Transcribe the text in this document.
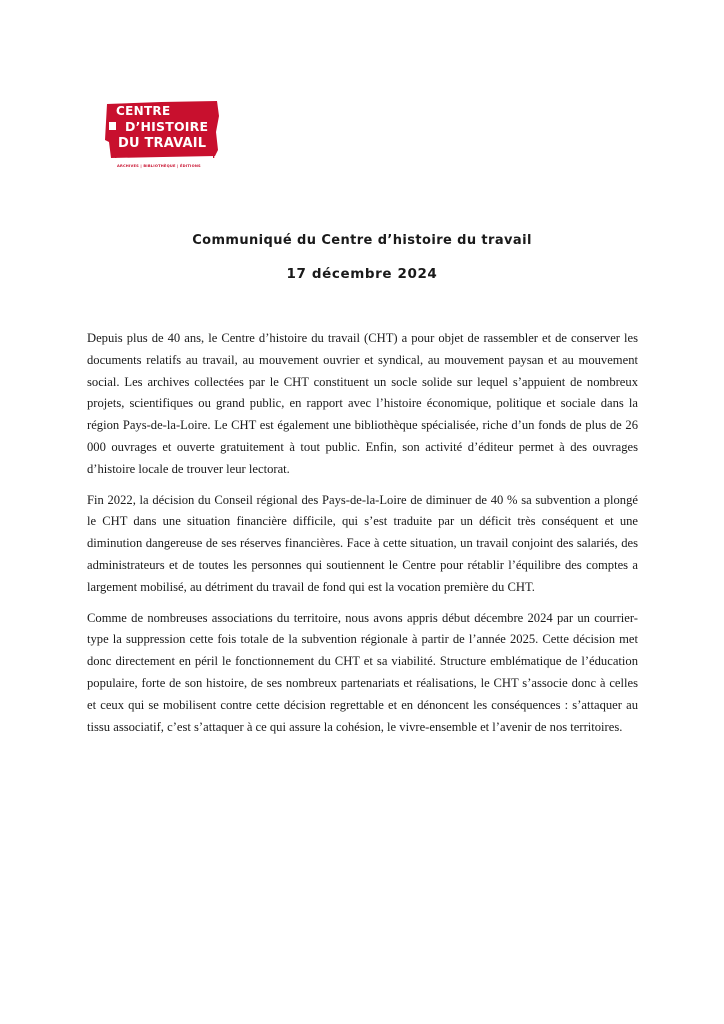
CENTRE
D’HISTOIRE
DU TRAVAIL
ARCHIVES | BIBLIOTHÈQUE | ÉDITIONS
Communiqué du Centre d’histoire du travail
17 décembre 2024

Depuis plus de 40 ans, le Centre d’histoire du travail (CHT) a pour objet de rassembler et de conserver les documents relatifs au travail, au mouvement ouvrier et syndical, au mouvement paysan et au mouvement social. Les archives collectées par le CHT constituent un socle solide sur lequel s’appuient de nombreux projets, scientifiques ou grand public, en rapport avec l’histoire économique, politique et sociale dans la région Pays-de-la-Loire. Le CHT est également une bibliothèque spécialisée, riche d’un fonds de plus de 26 000 ouvrages et ouverte gratuitement à tout public. Enfin, son activité d’éditeur permet à des ouvrages d’histoire locale de trouver leur lectorat.

Fin 2022, la décision du Conseil régional des Pays-de-la-Loire de diminuer de 40 % sa subvention a plongé le CHT dans une situation financière difficile, qui s’est traduite par un déficit très conséquent et une diminution dangereuse de ses réserves financières. Face à cette situation, un travail conjoint des salariés, des administrateurs et de toutes les personnes qui soutiennent le Centre pour rétablir l’équilibre des comptes a largement mobilisé, au détriment du travail de fond qui est la vocation première du CHT.

Comme de nombreuses associations du territoire, nous avons appris début décembre 2024 par un courrier-type la suppression cette fois totale de la subvention régionale à partir de l’année 2025. Cette décision met donc directement en péril le fonctionnement du CHT et sa viabilité. Structure emblématique de l’éducation populaire, forte de son histoire, de ses nombreux partenariats et réalisations, le CHT s’associe donc à celles et ceux qui se mobilisent contre cette décision regrettable et en dénoncent les conséquences : s’attaquer au tissu associatif, c’est s’attaquer à ce qui assure la cohésion, le vivre-ensemble et l’avenir de nos territoires.
